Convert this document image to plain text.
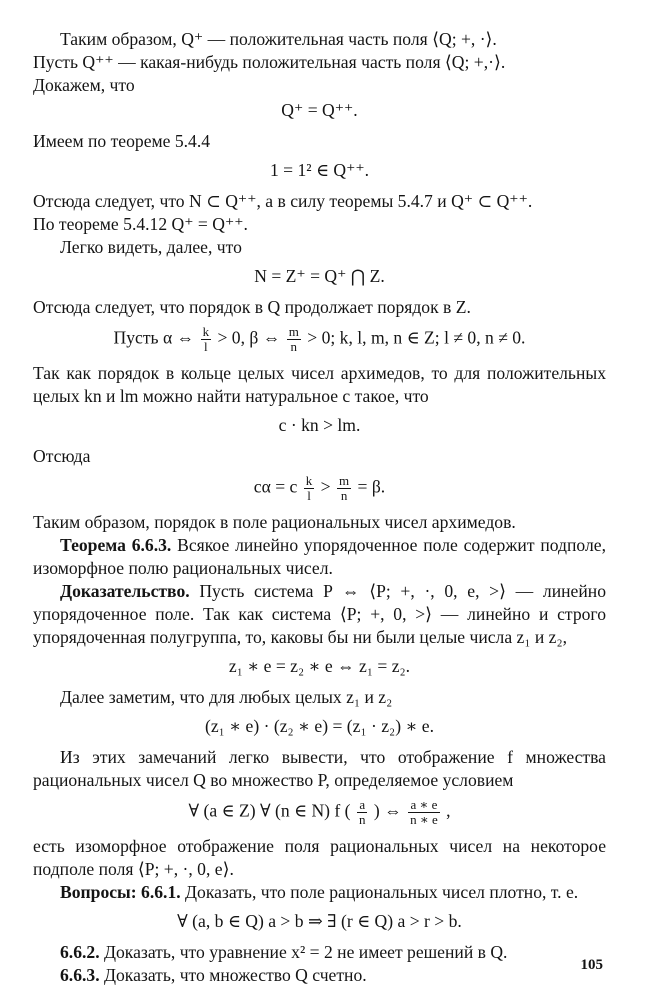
Таким образом, Q⁺ — положительная часть поля ⟨Q; +, ·⟩.

Пусть Q⁺⁺ — какая-нибудь положительная часть поля ⟨Q; +,·⟩.

Докажем, что

Q⁺ = Q⁺⁺.

Имеем по теореме 5.4.4

1 = 1² ∈ Q⁺⁺.

Отсюда следует, что N ⊂ Q⁺⁺, а в силу теоремы 5.4.7 и Q⁺ ⊂ Q⁺⁺.

По теореме 5.4.12 Q⁺ = Q⁺⁺.

Легко видеть, далее, что

N = Z⁺ = Q⁺ ⋂ Z.

Отсюда следует, что порядок в Q продолжает порядок в Z.

Пусть α ⇔ $\frac{k}{l} > 0$, β ⇔ $\frac{m}{n} > 0$; k, l, m, n ∈ Z; l ≠ 0, n ≠ 0.

Так как порядок в кольце целых чисел архимедов, то для положительных целых kn и lm можно найти натуральное c такое, что

c · kn > lm.

Отсюда

cα = c $\frac{k}{l} > \frac{m}{n} = \beta$.

Таким образом, порядок в поле рациональных чисел архимедов.

Теорема 6.6.3. Всякое линейно упорядоченное поле содержит подполе, изоморфное полю рациональных чисел.

Доказательство. Пусть система P ⇔ ⟨P; +, ·, 0, e, >⟩ — линейно упорядоченное поле. Так как система ⟨P; +, 0, >⟩ — линейно и строго упорядоченная полугруппа, то, каковы бы ни были целые числа z₁ и z₂,

z₁ ∗ e = z₂ ∗ e ⇔ z₁ = z₂.

Далее заметим, что для любых целых z₁ и z₂

(z₁ ∗ e) · (z₂ ∗ e) = (z₁ · z₂) ∗ e.

Из этих замечаний легко вывести, что отображение f множества рациональных чисел Q во множество P, определяемое условием

∀ (a ∈ Z) ∀ (n ∈ N) f ( $\frac{a}{n}$ ) ⇔ $\frac{a ∗ e}{n ∗ e}$ ,

есть изоморфное отображение поля рациональных чисел на некоторое подполе поля ⟨P; +, ·, 0, e⟩.

Вопросы: 6.6.1. Доказать, что поле рациональных чисел плотно, т. е.

∀ (a, b ∈ Q) a > b ⇒ ∃ (r ∈ Q) a > r > b.

6.6.2. Доказать, что уравнение x² = 2 не имеет решений в Q.

6.6.3. Доказать, что множество Q счетно.	105
